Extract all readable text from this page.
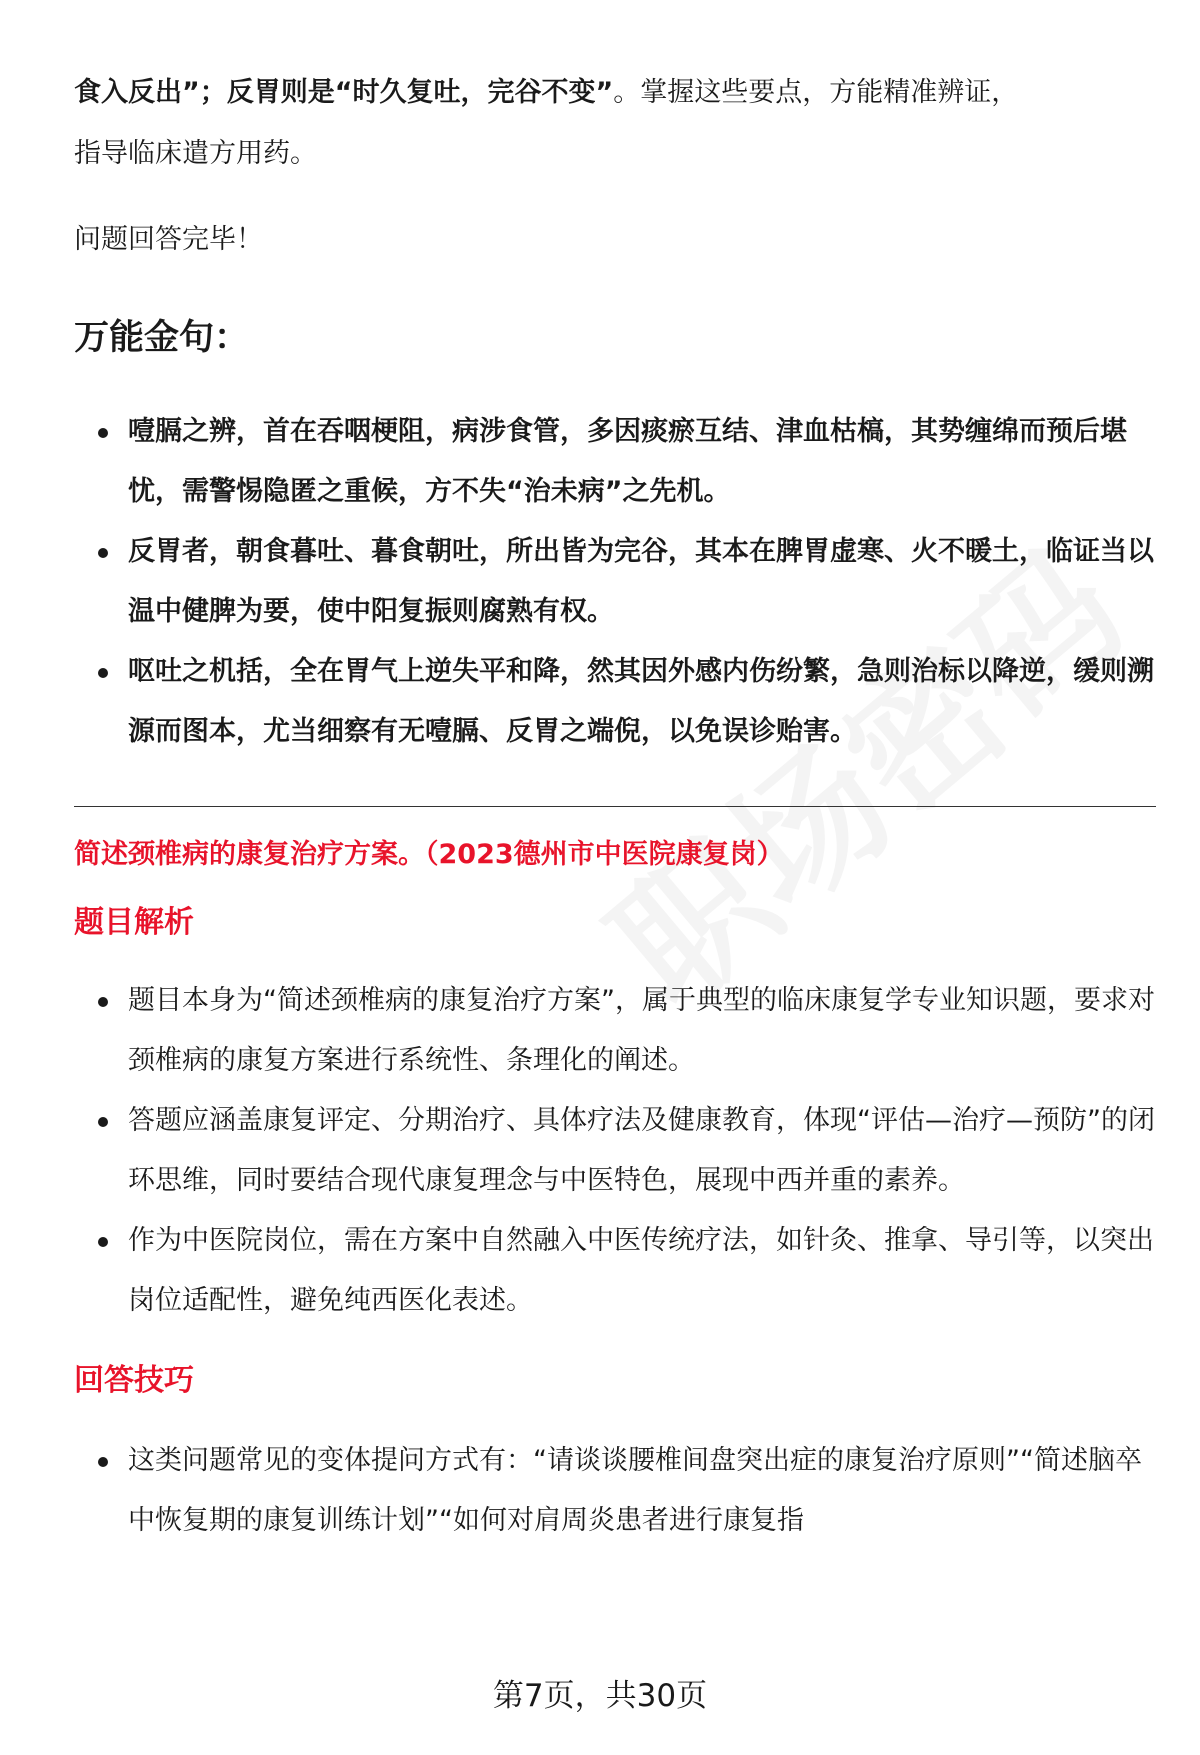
食入反出”；反胃则是“时久复吐，完谷不变”。掌握这些要点，方能精准辨证，
指导临床遣方用药。

问题回答完毕！

万能金句：

噎膈之辨，首在吞咽梗阻，病涉食管，多因痰瘀互结、津血枯槁，其势缠绵而预后堪忧，需警惕隐匿之重候，方不失“治未病”之先机。
反胃者，朝食暮吐、暮食朝吐，所出皆为完谷，其本在脾胃虚寒、火不暖土，临证当以温中健脾为要，使中阳复振则腐熟有权。
呕吐之机括，全在胃气上逆失平和降，然其因外感内伤纷繁，急则治标以降逆，缓则溯源而图本，尤当细察有无噎膈、反胃之端倪，以免误诊贻害。

简述颈椎病的康复治疗方案。（2023德州市中医院康复岗）

题目解析

题目本身为“简述颈椎病的康复治疗方案”，属于典型的临床康复学专业知识题，要求对颈椎病的康复方案进行系统性、条理化的阐述。
答题应涵盖康复评定、分期治疗、具体疗法及健康教育，体现“评估—治疗—预防”的闭环思维，同时要结合现代康复理念与中医特色，展现中西并重的素养。
作为中医院岗位，需在方案中自然融入中医传统疗法，如针灸、推拿、导引等，以突出岗位适配性，避免纯西医化表述。

回答技巧

这类问题常见的变体提问方式有：“请谈谈腰椎间盘突出症的康复治疗原则”“简述脑卒中恢复期的康复训练计划”“如何对肩周炎患者进行康复指
第7页，共30页
